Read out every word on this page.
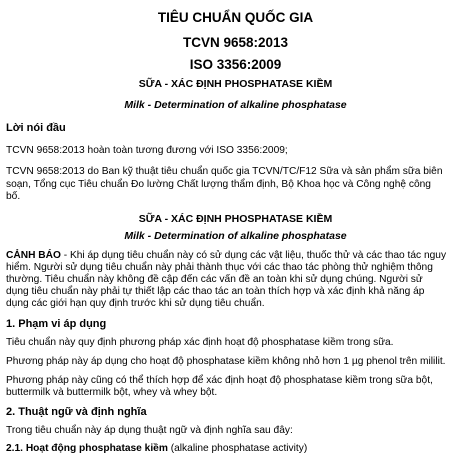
TIÊU CHUẨN QUỐC GIA
TCVN 9658:2013
ISO 3356:2009
SỮA - XÁC ĐỊNH PHOSPHATASE KIỀM
Milk - Determination of alkaline phosphatase
Lời nói đầu
TCVN 9658:2013 hoàn toàn tương đương với ISO 3356:2009;
TCVN 9658:2013 do Ban kỹ thuật tiêu chuẩn quốc gia TCVN/TC/F12 Sữa và sản phẩm sữa biên
soạn, Tổng cục Tiêu chuẩn Đo lường Chất lượng thẩm định, Bộ Khoa học và Công nghệ công
bố.
SỮA - XÁC ĐỊNH PHOSPHATASE KIỀM
Milk - Determination of alkaline phosphatase
CẢNH BÁO - Khi áp dụng tiêu chuẩn này có sử dụng các vật liệu, thuốc thử và các thao tác nguy
hiểm. Người sử dụng tiêu chuẩn này phải thành thục với các thao tác phòng thử nghiệm thông
thường. Tiêu chuẩn này không đề cập đến các vấn đề an toàn khi sử dụng chúng. Người sử
dụng tiêu chuẩn này phải tự thiết lập các thao tác an toàn thích hợp và xác định khả năng áp
dụng các giới hạn quy định trước khi sử dụng tiêu chuẩn.
1. Phạm vi áp dụng
Tiêu chuẩn này quy định phương pháp xác định hoạt độ phosphatase kiềm trong sữa.
Phương pháp này áp dụng cho hoạt độ phosphatase kiềm không nhỏ hơn 1 µg phenol trên mililit.
Phương pháp này cũng có thể thích hợp để xác định hoạt độ phosphatase kiềm trong sữa bột,
buttermilk và buttermilk bột, whey và whey bột.
2. Thuật ngữ và định nghĩa
Trong tiêu chuẩn này áp dụng thuật ngữ và định nghĩa sau đây:
2.1. Hoạt động phosphatase kiềm (alkaline phosphatase activity)
